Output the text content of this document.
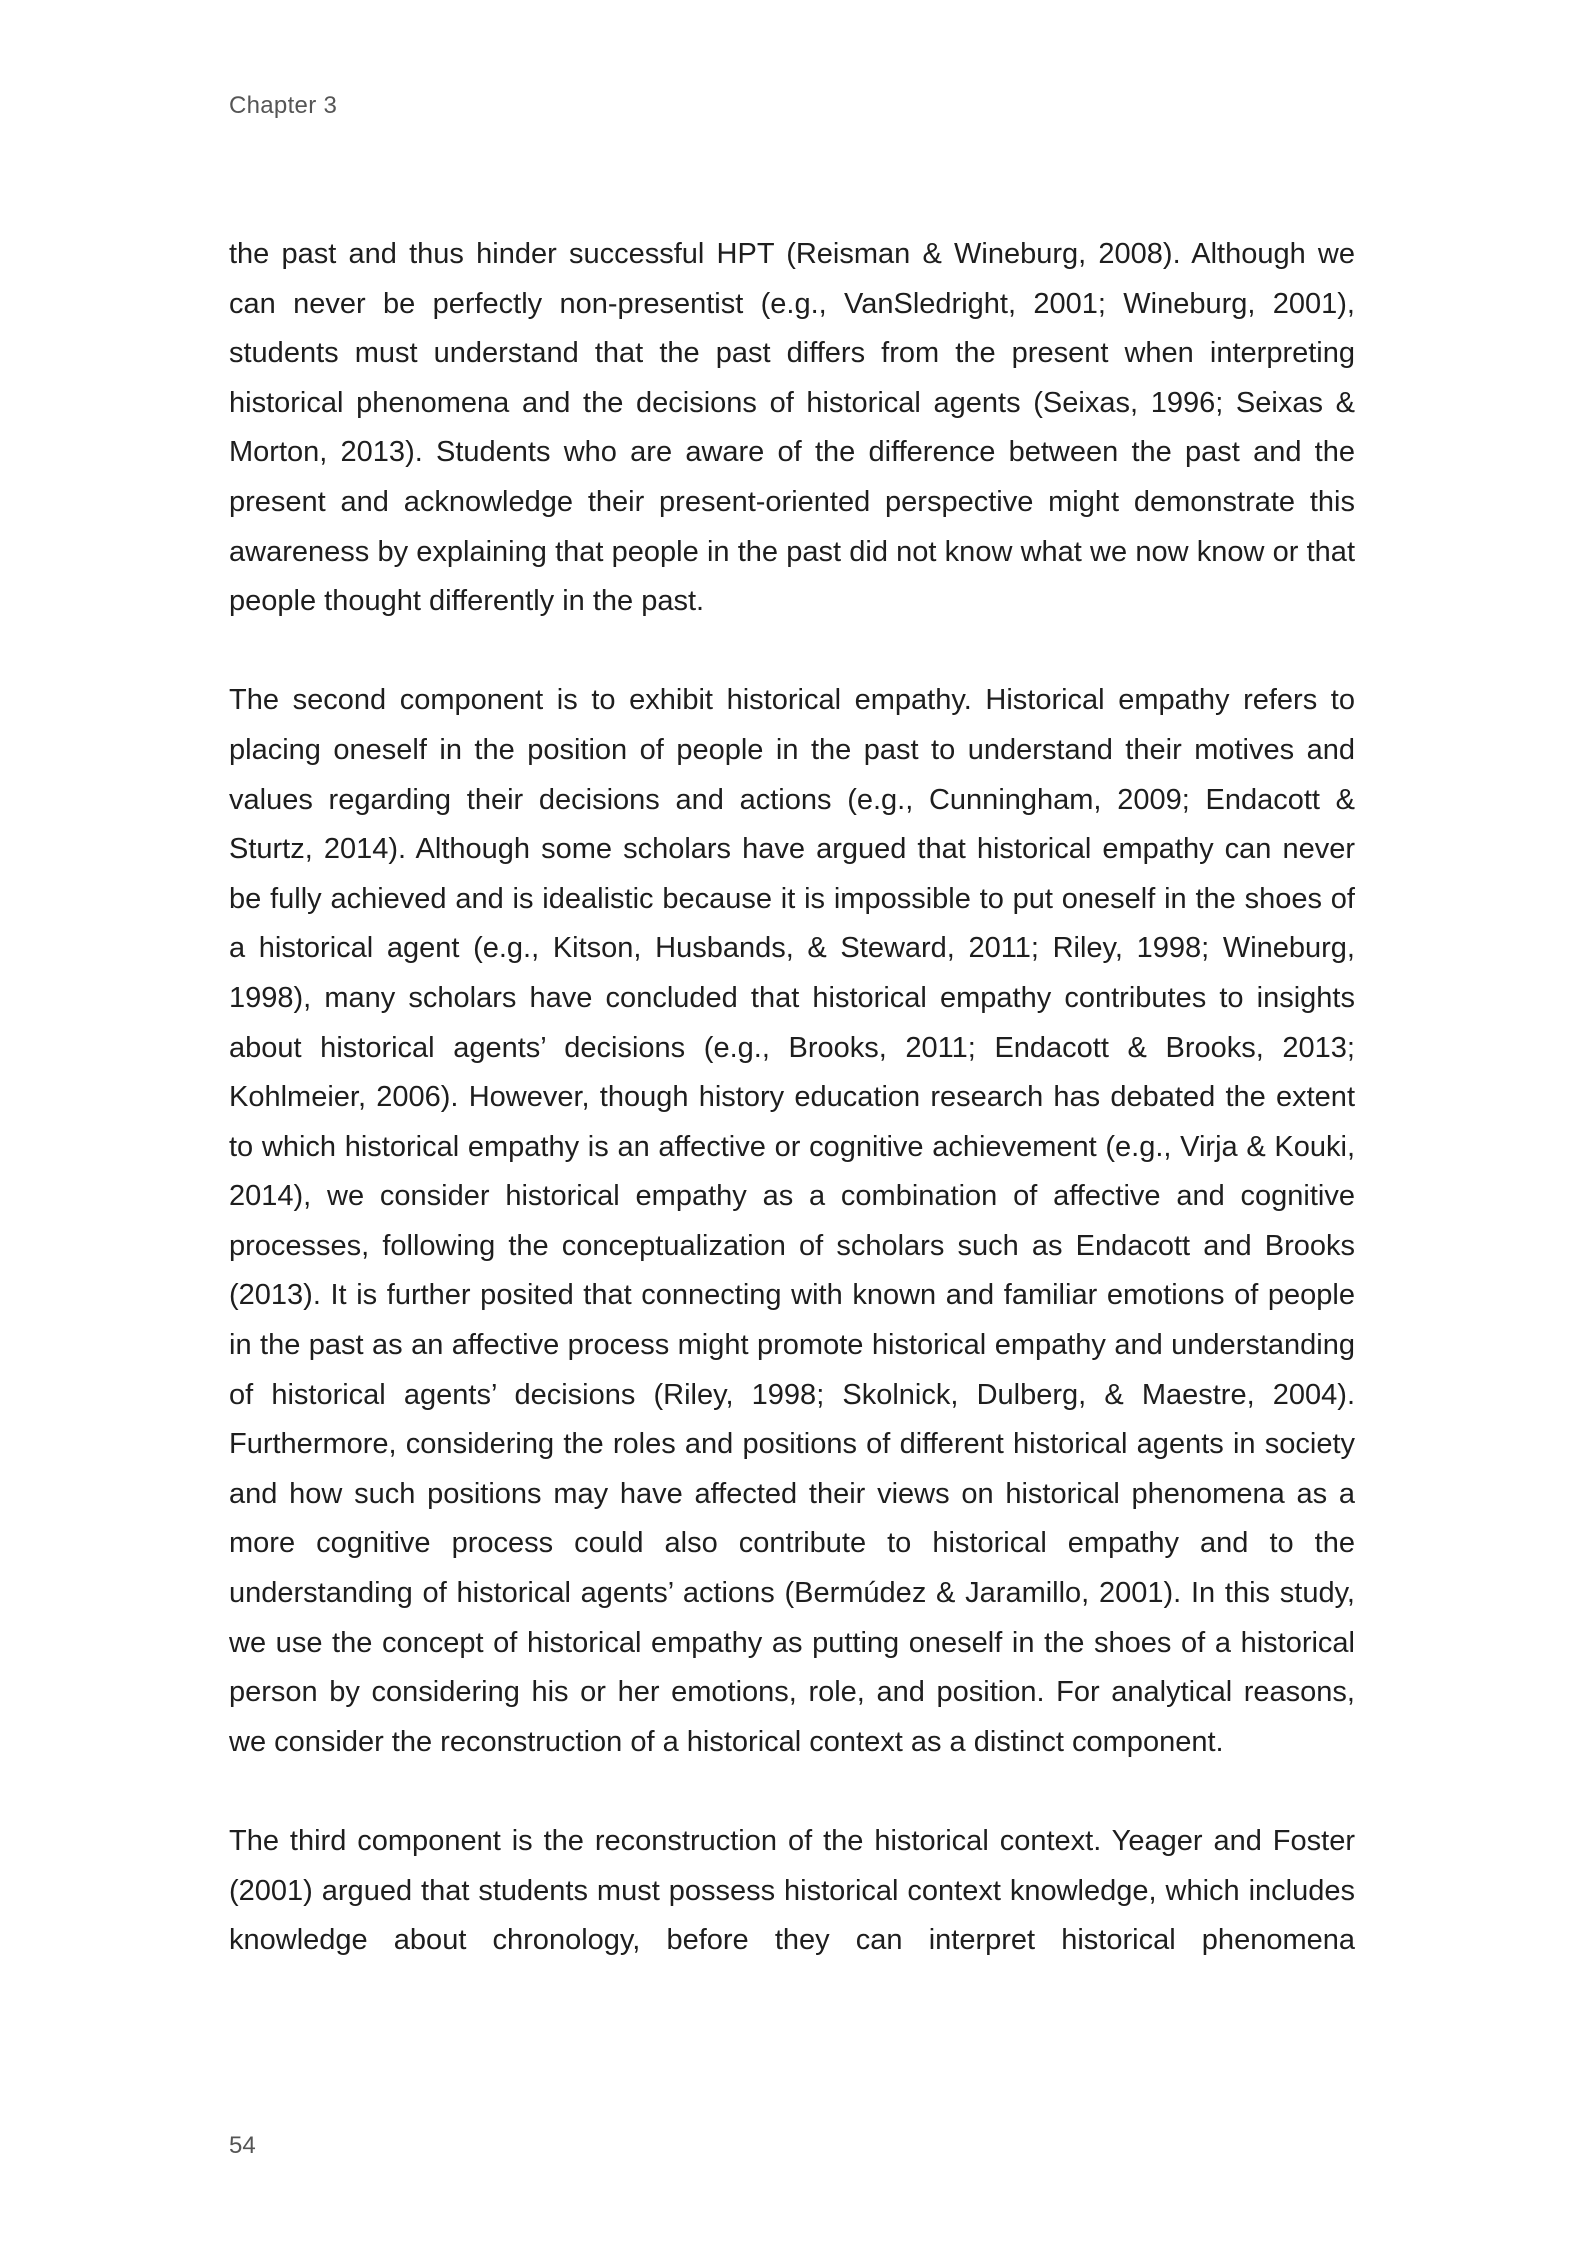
Chapter 3

the past and thus hinder successful HPT (Reisman & Wineburg, 2008). Although we can never be perfectly non-presentist (e.g., VanSledright, 2001; Wineburg, 2001), students must understand that the past differs from the present when interpreting historical phenomena and the decisions of historical agents (Seixas, 1996; Seixas & Morton, 2013). Students who are aware of the difference between the past and the present and acknowledge their present-oriented perspective might demonstrate this awareness by explaining that people in the past did not know what we now know or that people thought differently in the past.

The second component is to exhibit historical empathy. Historical empathy refers to placing oneself in the position of people in the past to understand their motives and values regarding their decisions and actions (e.g., Cunningham, 2009; Endacott & Sturtz, 2014). Although some scholars have argued that historical empathy can never be fully achieved and is idealistic because it is impossible to put oneself in the shoes of a historical agent (e.g., Kitson, Husbands, & Steward, 2011; Riley, 1998; Wineburg, 1998), many scholars have concluded that historical empathy contributes to insights about historical agents’ decisions (e.g., Brooks, 2011; Endacott & Brooks, 2013; Kohlmeier, 2006). However, though history education research has debated the extent to which historical empathy is an affective or cognitive achievement (e.g., Virja & Kouki, 2014), we consider historical empathy as a combination of affective and cognitive processes, following the conceptualization of scholars such as Endacott and Brooks (2013). It is further posited that connecting with known and familiar emotions of people in the past as an affective process might promote historical empathy and understanding of historical agents’ decisions (Riley, 1998; Skolnick, Dulberg, & Maestre, 2004). Furthermore, considering the roles and positions of different historical agents in society and how such positions may have affected their views on historical phenomena as a more cognitive process could also contribute to historical empathy and to the understanding of historical agents’ actions (Bermúdez & Jaramillo, 2001). In this study, we use the concept of historical empathy as putting oneself in the shoes of a historical person by considering his or her emotions, role, and position. For analytical reasons, we consider the reconstruction of a historical context as a distinct component.

The third component is the reconstruction of the historical context. Yeager and Foster (2001) argued that students must possess historical context knowledge, which includes knowledge about chronology, before they can interpret historical phenomena

54
